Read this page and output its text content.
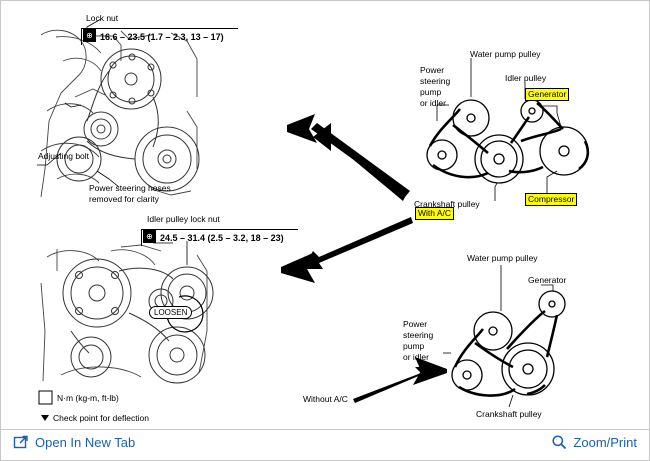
Lock nut
⊕ 16.6 – 23.5 (1.7 – 2.3, 13 – 17)
Adjusting bolt
Power steering hoses
removed for clarity
Idler pulley lock nut
⊕ 24.5 – 31.4 (2.5 – 3.2, 18 – 23)
LOOSEN
N·m (kg-m, ft-lb)
Check point for deflection
With A/C
Without A/C
Water pump pulley
Idler pulley
Generator
Compressor
Crankshaft pulley
Power
steering
pump
or idler
Water pump pulley
Generator
Power
steering
pump
or idler
Crankshaft pulley
Open In New Tab	Zoom/Print
